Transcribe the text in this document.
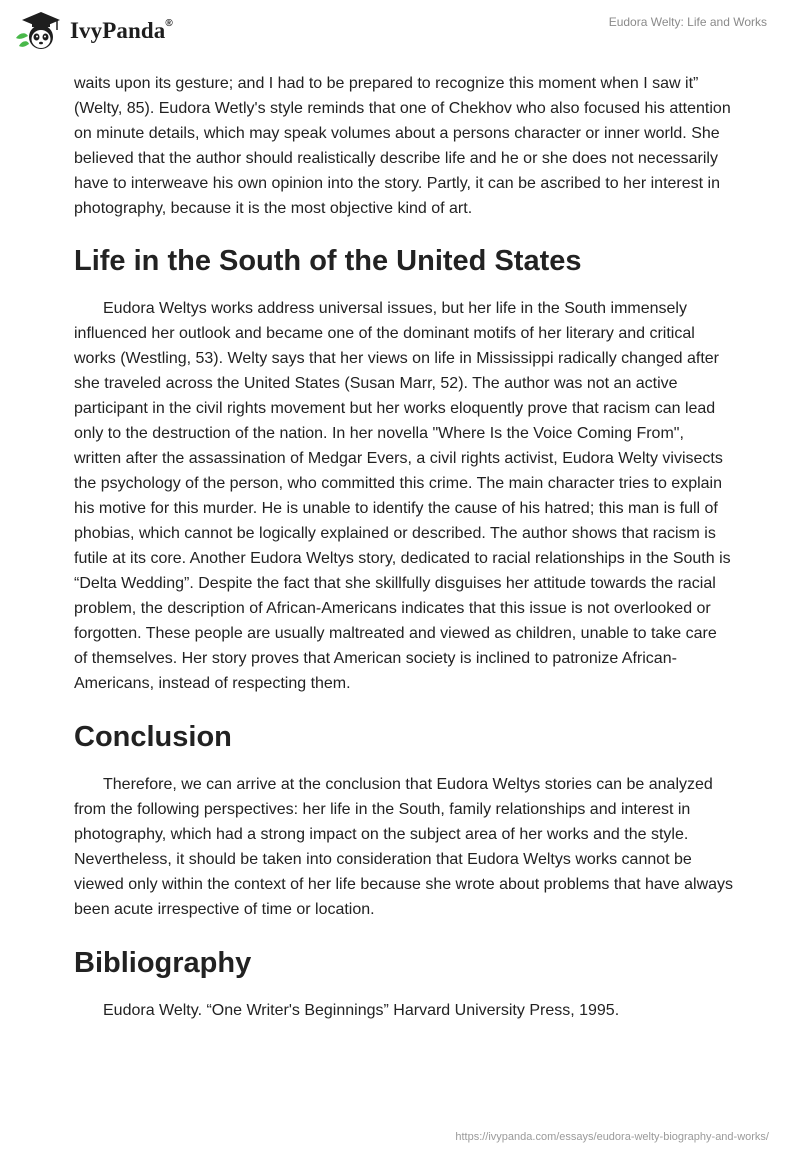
IvyPanda®	Eudora Welty: Life and Works

waits upon its gesture; and I had to be prepared to recognize this moment when I saw it” (Welty, 85). Eudora Wetly's style reminds that one of Chekhov who also focused his attention on minute details, which may speak volumes about a persons character or inner world. She believed that the author should realistically describe life and he or she does not necessarily have to interweave his own opinion into the story. Partly, it can be ascribed to her interest in photography, because it is the most objective kind of art.

Life in the South of the United States

Eudora Weltys works address universal issues, but her life in the South immensely influenced her outlook and became one of the dominant motifs of her literary and critical works (Westling, 53). Welty says that her views on life in Mississippi radically changed after she traveled across the United States (Susan Marr, 52). The author was not an active participant in the civil rights movement but her works eloquently prove that racism can lead only to the destruction of the nation. In her novella "Where Is the Voice Coming From", written after the assassination of Medgar Evers, a civil rights activist, Eudora Welty vivisects the psychology of the person, who committed this crime. The main character tries to explain his motive for this murder. He is unable to identify the cause of his hatred; this man is full of phobias, which cannot be logically explained or described. The author shows that racism is futile at its core. Another Eudora Weltys story, dedicated to racial relationships in the South is “Delta Wedding”. Despite the fact that she skillfully disguises her attitude towards the racial problem, the description of African-Americans indicates that this issue is not overlooked or forgotten. These people are usually maltreated and viewed as children, unable to take care of themselves. Her story proves that American society is inclined to patronize African-Americans, instead of respecting them.

Conclusion

Therefore, we can arrive at the conclusion that Eudora Weltys stories can be analyzed from the following perspectives: her life in the South, family relationships and interest in photography, which had a strong impact on the subject area of her works and the style. Nevertheless, it should be taken into consideration that Eudora Weltys works cannot be viewed only within the context of her life because she wrote about problems that have always been acute irrespective of time or location.

Bibliography

Eudora Welty. “One Writer's Beginnings” Harvard University Press, 1995.

https://ivypanda.com/essays/eudora-welty-biography-and-works/
